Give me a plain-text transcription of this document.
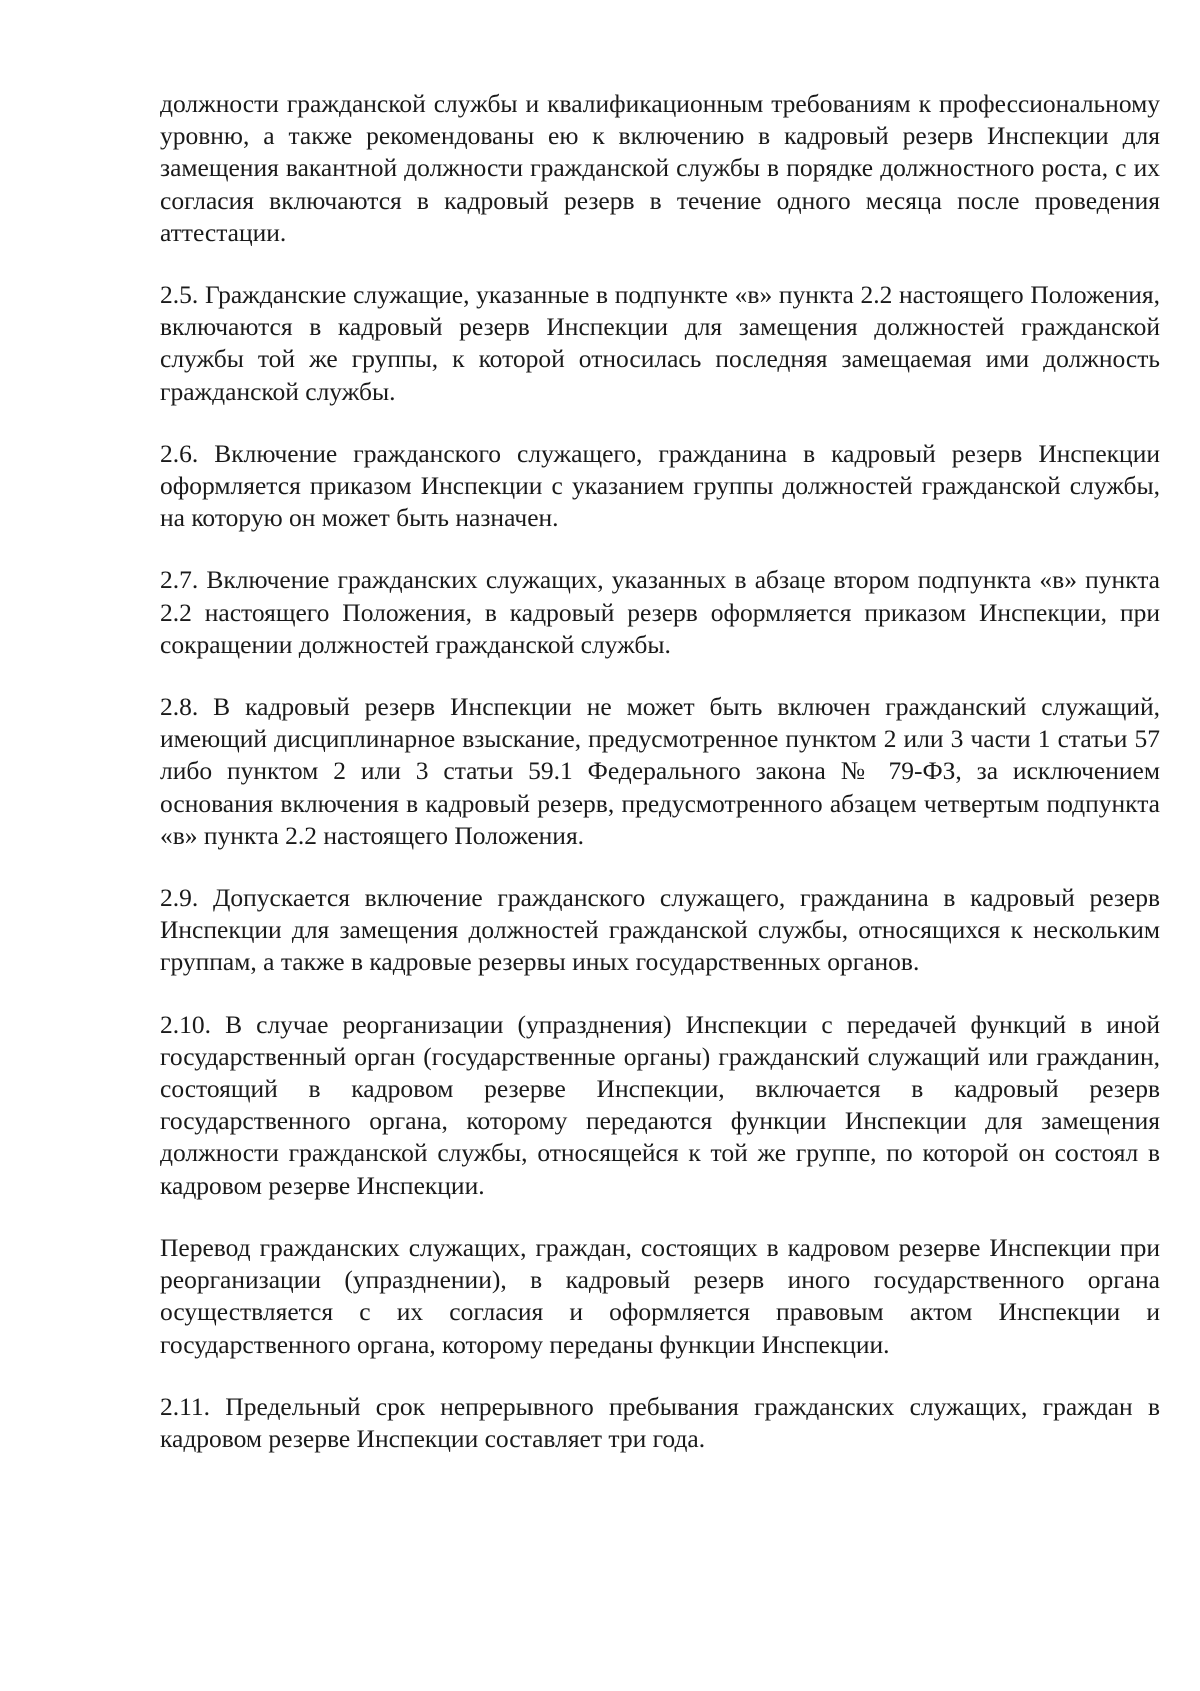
должности гражданской службы и квалификационным требованиям к профессиональному уровню, а также рекомендованы ею к включению в кадровый резерв Инспекции для замещения вакантной должности гражданской службы в порядке должностного роста, с их согласия включаются в кадровый резерв в течение одного месяца после проведения аттестации.

2.5. Гражданские служащие, указанные в подпункте «в» пункта 2.2 настоящего Положения, включаются в кадровый резерв Инспекции для замещения должностей гражданской службы той же группы, к которой относилась последняя замещаемая ими должность гражданской службы.

2.6. Включение гражданского служащего, гражданина в кадровый резерв Инспекции оформляется приказом Инспекции с указанием группы должностей гражданской службы, на которую он может быть назначен.

2.7. Включение гражданских служащих, указанных в абзаце втором подпункта «в» пункта 2.2 настоящего Положения, в кадровый резерв оформляется приказом Инспекции, при сокращении должностей гражданской службы.

2.8. В кадровый резерв Инспекции не может быть включен гражданский служащий, имеющий дисциплинарное взыскание, предусмотренное пунктом 2 или 3 части 1 статьи 57 либо пунктом 2 или 3 статьи 59.1 Федерального закона № 79-ФЗ, за исключением основания включения в кадровый резерв, предусмотренного абзацем четвертым подпункта «в» пункта 2.2 настоящего Положения.

2.9. Допускается включение гражданского служащего, гражданина в кадровый резерв Инспекции для замещения должностей гражданской службы, относящихся к нескольким группам, а также в кадровые резервы иных государственных органов.

2.10. В случае реорганизации (упразднения) Инспекции с передачей функций в иной государственный орган (государственные органы) гражданский служащий или гражданин, состоящий в кадровом резерве Инспекции, включается в кадровый резерв государственного органа, которому передаются функции Инспекции для замещения должности гражданской службы, относящейся к той же группе, по которой он состоял в кадровом резерве Инспекции.

Перевод гражданских служащих, граждан, состоящих в кадровом резерве Инспекции при реорганизации (упразднении), в кадровый резерв иного государственного органа осуществляется с их согласия и оформляется правовым актом Инспекции и государственного органа, которому переданы функции Инспекции.

2.11. Предельный срок непрерывного пребывания гражданских служащих, граждан в кадровом резерве Инспекции составляет три года.
